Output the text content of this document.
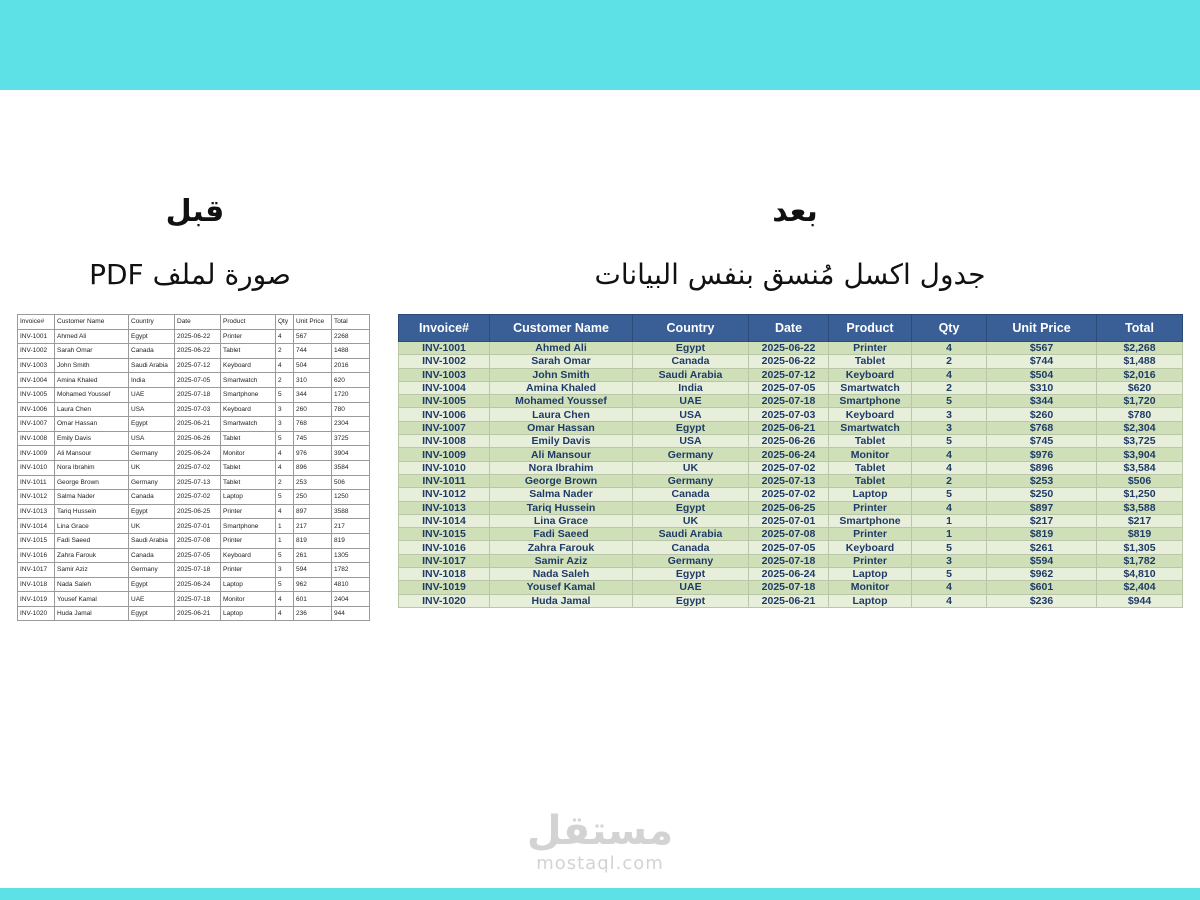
قبل
صورة لملف PDF
بعد
جدول اكسل مُنسق بنفس البيانات
Invoice#	Customer Name	Country	Date	Product	Qty	Unit Price	Total
INV-1001	Ahmed Ali	Egypt	2025-06-22	Printer	4	567	2268
INV-1002	Sarah Omar	Canada	2025-06-22	Tablet	2	744	1488
INV-1003	John Smith	Saudi Arabia	2025-07-12	Keyboard	4	504	2016
INV-1004	Amina Khaled	India	2025-07-05	Smartwatch	2	310	620
INV-1005	Mohamed Youssef	UAE	2025-07-18	Smartphone	5	344	1720
INV-1006	Laura Chen	USA	2025-07-03	Keyboard	3	260	780
INV-1007	Omar Hassan	Egypt	2025-06-21	Smartwatch	3	768	2304
INV-1008	Emily Davis	USA	2025-06-26	Tablet	5	745	3725
INV-1009	Ali Mansour	Germany	2025-06-24	Monitor	4	976	3904
INV-1010	Nora Ibrahim	UK	2025-07-02	Tablet	4	896	3584
INV-1011	George Brown	Germany	2025-07-13	Tablet	2	253	506
INV-1012	Salma Nader	Canada	2025-07-02	Laptop	5	250	1250
INV-1013	Tariq Hussein	Egypt	2025-06-25	Printer	4	897	3588
INV-1014	Lina Grace	UK	2025-07-01	Smartphone	1	217	217
INV-1015	Fadi Saeed	Saudi Arabia	2025-07-08	Printer	1	819	819
INV-1016	Zahra Farouk	Canada	2025-07-05	Keyboard	5	261	1305
INV-1017	Samir Aziz	Germany	2025-07-18	Printer	3	594	1782
INV-1018	Nada Saleh	Egypt	2025-06-24	Laptop	5	962	4810
INV-1019	Yousef Kamal	UAE	2025-07-18	Monitor	4	601	2404
INV-1020	Huda Jamal	Egypt	2025-06-21	Laptop	4	236	944
Invoice#	Customer Name	Country	Date	Product	Qty	Unit Price	Total
INV-1001	Ahmed Ali	Egypt	2025-06-22	Printer	4	$567	$2,268
INV-1002	Sarah Omar	Canada	2025-06-22	Tablet	2	$744	$1,488
INV-1003	John Smith	Saudi Arabia	2025-07-12	Keyboard	4	$504	$2,016
INV-1004	Amina Khaled	India	2025-07-05	Smartwatch	2	$310	$620
INV-1005	Mohamed Youssef	UAE	2025-07-18	Smartphone	5	$344	$1,720
INV-1006	Laura Chen	USA	2025-07-03	Keyboard	3	$260	$780
INV-1007	Omar Hassan	Egypt	2025-06-21	Smartwatch	3	$768	$2,304
INV-1008	Emily Davis	USA	2025-06-26	Tablet	5	$745	$3,725
INV-1009	Ali Mansour	Germany	2025-06-24	Monitor	4	$976	$3,904
INV-1010	Nora Ibrahim	UK	2025-07-02	Tablet	4	$896	$3,584
INV-1011	George Brown	Germany	2025-07-13	Tablet	2	$253	$506
INV-1012	Salma Nader	Canada	2025-07-02	Laptop	5	$250	$1,250
INV-1013	Tariq Hussein	Egypt	2025-06-25	Printer	4	$897	$3,588
INV-1014	Lina Grace	UK	2025-07-01	Smartphone	1	$217	$217
INV-1015	Fadi Saeed	Saudi Arabia	2025-07-08	Printer	1	$819	$819
INV-1016	Zahra Farouk	Canada	2025-07-05	Keyboard	5	$261	$1,305
INV-1017	Samir Aziz	Germany	2025-07-18	Printer	3	$594	$1,782
INV-1018	Nada Saleh	Egypt	2025-06-24	Laptop	5	$962	$4,810
INV-1019	Yousef Kamal	UAE	2025-07-18	Monitor	4	$601	$2,404
INV-1020	Huda Jamal	Egypt	2025-06-21	Laptop	4	$236	$944
مستقل
mostaql.com
